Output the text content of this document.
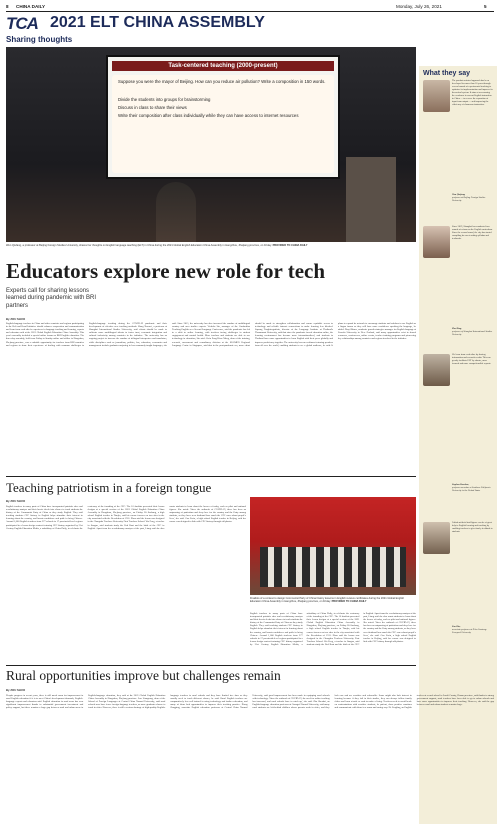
8 CHINA DAILY	Monday, July 26, 2021	5
TCA 2021 ELT CHINA ASSEMBLY
Sharing thoughts
What they say
The product-oriented approach has been developed for more than 10 years through several rounds of experimental teaching to optimize its implementation and improve its theoretical system. It aims at overcoming the weakness in current English instruction in China — to reverse the separation of input from output — and improving the efficiency of classroom instruction.
Wen Qiufang,
professor at Beijing Foreign Studies University
Since 2019, Shanghai has conducted two rounds of reform on the English curriculum. Since the second round, the city has started compiling its own teaching syllabus and textbooks.
Zhu Bing,
professor of Shanghai International Studies University
We learn from each other by sharing information and research results. This can greatly facilitate ELT by shorter, more focused and more comprehensible reports.
Stephen Krashen,
professor emeritus at Southern California University in the United States
I think artificial intelligence can be of great help to English learning and teaching by enabling teachers to give timely feedback to students.
Zou Bin,
associate professor at Xi'an Jiaotong-Liverpool University
Task-centered teaching (2000-present)
Suppose you were the mayor of Beijing. How can you reduce air pollution? Write a composition in 150 words.
Divide the students into groups for brainstorming
Discuss in class to share their views
Write their composition after class individually while they can have access to internet resources
Wen Qiufang, a professor at Beijing Foreign Studies University, shares her thoughts on English language teaching (ELT) in China during the 2021 Global English Education China Assembly in Hangzhou, Zhejiang province, on Friday. PROVIDED TO CHINA DAILY
Educators explore new role for tech
Experts call for sharing lessons learned during pandemic with BRI partners
By ZOU SHUO
English-language teachers in China and other countries and regions participating in the Belt and Road Initiative should enhance cooperation and communication and learn from each other's experience in language teaching and learning, experts and educators said at the 2021 Global English Education China Assembly. This year's assembly included a special online forum on BRI English education. The three-day assembly, held from Friday to Sunday online and offline in Hangzhou, Zhejiang province, was a valuable opportunity for teachers from BRI countries and regions to share their experience of dealing with common challenges in English-language teaching during the COVID-19 pandemic and their development of effective new teaching methods. Wang Xuemei, a professor at Shanghai International Studies University, said efforts should be made to cultivate more multilingual talents to foster trust, economic integration and cultural inclusivity among countries in the initiative. The university has an ongoing project to increase the number of trilingual interpreters and translators, while disciplines such as journalism, politics, law, education, economics and management include graduates majoring in less commonly taught languages, she said. Since 2015, the university has also increased the number of multilingual country and area studies experts. Vicheka Sin, manager of the Cambodian Teaching English as a Second Language Conference, said the pandemic has led to a shift to online learning, with teachers facing challenges in student engagement and mental health. More teachers and students are able to use technology in education, Sin said. Alvin Pang Kiaw Meng, dean of the training, research, assessment and consultancy division at the SEAMEO Regional Language Centre in Singapore, said that in the post-pandemic era, more effort should be made to strengthen collaboration and ensure equitable access to technology and reliable internet connections to make learning less blocked. Supong Tangkiengsirisin, director of the Language Institute at Thailand's Thammasat University, said that since the pandemic forced education online, the learning environment has become more internationalized, and students in Thailand have more opportunities to learn English with their peers globally and improve proficiency together. The university has run webinars featuring speakers from all over the world, enabling students to see a global audience, he said. It plans to expand its network to encourage students and scholars to use English as a lingua franca so they will have more confidence speaking the language, he added. Daryl Birner, academic growth strategies manager for English language at Lincoln University in New Zealand, said many opportunities exist in shared resources, conferences, online events, teacher training programs and pioneering key relationships among countries and regions involved in the initiative.
Teaching patriotism in a foreign tongue
By ZOU SHUO
English teachers in many parts of China have incorporated patriotic sites and revolutionary martyrs and their heroic deeds into classes to teach students the history of the Communist Party of China as they study English. They said teaching students CPC history in English helps stimulate their interest in learning about the country, and boosts confidence and pride in being Chinese. Around 1,000 English teachers from 377 schools in 17 provincial-level regions participated in a lesson design contest featuring CPC history organized by 21st Century English Education Media, a subsidiary of China Daily, to celebrate the centenary of the founding of the CPC. The 16 finalists presented their lesson designs at a special session of the 2021 Global English Education China Assembly in Hangzhou, Zhejiang province, on Friday. Bi Jiachang, a high school English teacher in Tianjin, said his course focuses on two sites in the city associated with the Revolution of 1911. Zhou said the lesson was designed in the Changsha Teachers University First Teachers School. Wu Peng, a teacher in Jiangsu, said students study the Red Boat and the birth of the CPC in English. Apart from the revolutionary martyrs of the past, Liang said she also wants students to learn about the heroes of today, such as pilot and national figures. She noted: 'Since the outbreak of COVID-19, there has been an outpouring of patriotism and deep love for the country and the Party among students, as they have seen firsthand how much the CPC cares about people's lives,' she said. Gao Lixin, a high school English teacher in Beijing, said her course was designed to link with CPC history through old photos.
Finalists of a contest to design Communist Party of China history lessons in English receive certificates during the 2021 Global English Education China Assembly in Hangzhou, Zhejiang province, on Friday. PROVIDED TO CHINA DAILY
English teachers in many parts of China have incorporated patriotic sites and revolutionary martyrs and their heroic deeds into classes to teach students the history of the Communist Party of China as they study English. They said teaching students CPC history in English helps stimulate their interest in learning about the country, and boosts confidence and pride in being Chinese. Around 1,000 English teachers from 377 schools in 17 provincial-level regions participated in a lesson design contest featuring CPC history organized by 21st Century English Education Media, a subsidiary of China Daily, to celebrate the centenary of the founding of the CPC. The 16 finalists presented their lesson designs at a special session of the 2021 Global English Education China Assembly in Hangzhou, Zhejiang province, on Friday. Bi Jiachang, a high school English teacher in Tianjin, said his course focuses on two sites in the city associated with the Revolution of 1911. Zhou said the lesson was designed in the Changsha Teachers University First Teachers School. Wu Peng, a teacher in Jiangsu, said students study the Red Boat and the birth of the CPC in English. Apart from the revolutionary martyrs of the past, Liang said she also wants students to learn about the heroes of today, such as pilot and national figures. She noted: 'Since the outbreak of COVID-19, there has been an outpouring of patriotism and deep love for the country and the Party among students, as they have seen firsthand how much the CPC cares about people's lives,' she said. Gao Lixin, a high school English teacher in Beijing, said her course was designed to link with CPC history through old photos.
Rural opportunities improve but challenges remain
By ZOU SHUO
Despite progress in recent years, there is still much room for improvement in rural English education if it is to meet China's development demands, English-language experts and educators said. English education in rural areas has seen significant improvement thanks to substantial government investment and policy support, but there remains a large gap between rural and urban areas in English-language education, they said at the 2021 Global English Education China Assembly in Hangzhou, Zhejiang province. Luo Liangsong, dean of the School of Foreign Languages at Central China Normal University, said rural schools now have fewer foreign-language teachers, as more graduates choose to teach in cities. However, there is still a serious shortage of high-quality English-language teachers in rural schools and they have limited free time as they usually need to teach different classes, he said. Rural English teachers are comparatively less well trained in using technology and further education, and many of them lack opportunities to improve their teaching practice. Xiang Zongping, associate English education professor at Central China Normal University, said good improvement has been made in equipping rural schools with technology. 'Since the outbreak of COVID-19, the need for online teaching has increased, and rural schools have to catch up,' she said. Zhu Shenhai, an English-language education professor at Guangxi Normal University, said many rural students are left-behind children whose parents work in cities, and they lack care and are sensitive and vulnerable. Some might also lack interest in learning because if they fail in their studies, they can always follow family elders and learn a trade or craft to make a living. Teachers need to avoid head-on confrontations with sensitive students, be patient, show positive emotions and communicate with them in a warm and caring way. He Lingling, an English teacher at a rural school in Loudi County, Hunan province, said thanks to strong government support, rural teachers have been able to go to urban schools and have more opportunities to improve their teaching. However, she said the gap between rural and urban students remains large.
